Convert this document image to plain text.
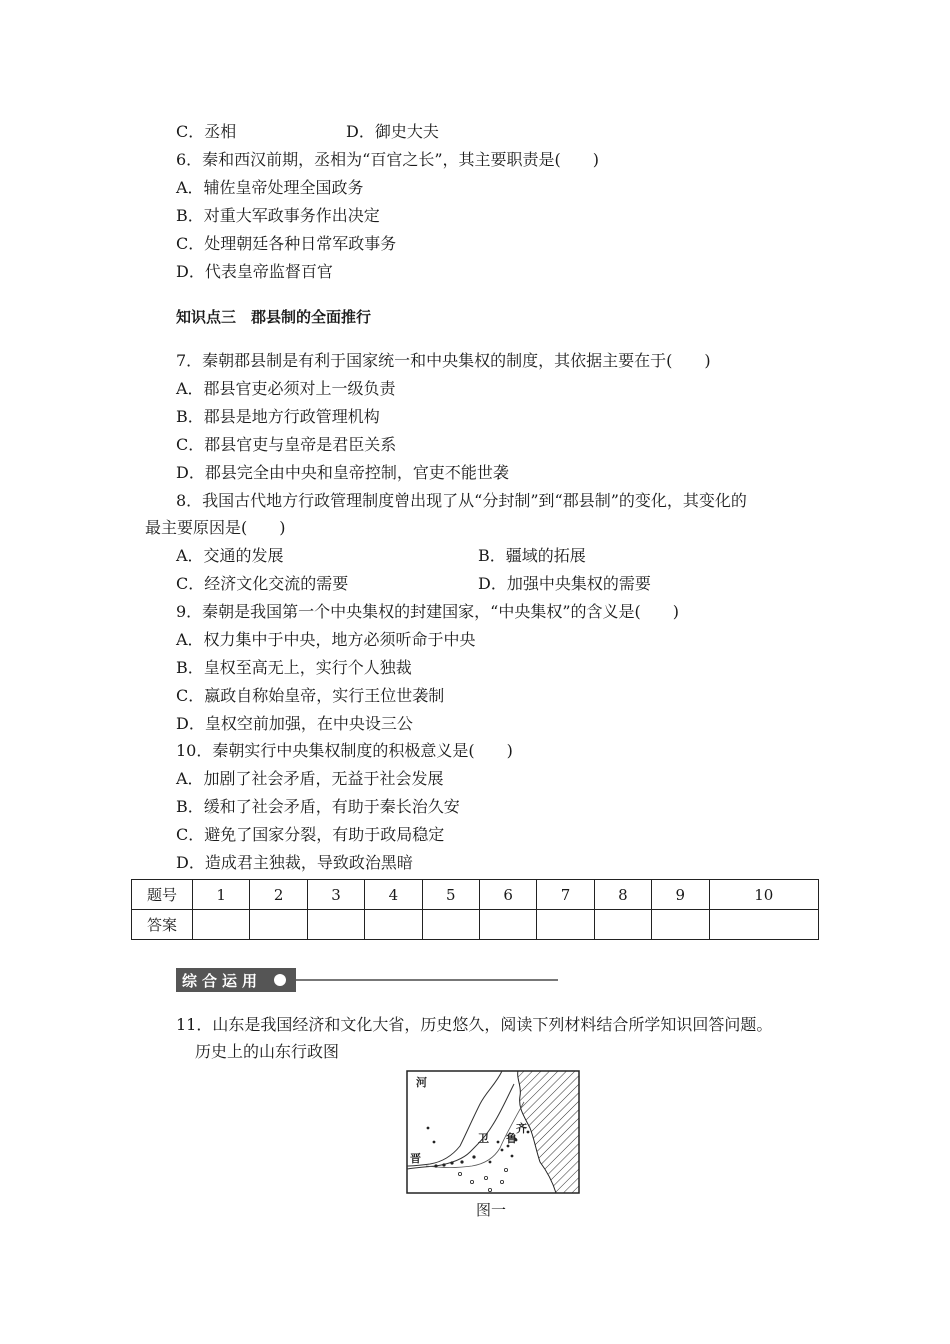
C．丞相	D．御史大夫
6．秦和西汉前期，丞相为“百官之长”，其主要职责是(　　)
A．辅佐皇帝处理全国政务
B．对重大军政事务作出决定
C．处理朝廷各种日常军政事务
D．代表皇帝监督百官
知识点三　郡县制的全面推行
7．秦朝郡县制是有利于国家统一和中央集权的制度，其依据主要在于(　　)
A．郡县官吏必须对上一级负责
B．郡县是地方行政管理机构
C．郡县官吏与皇帝是君臣关系
D．郡县完全由中央和皇帝控制，官吏不能世袭
8．我国古代地方行政管理制度曾出现了从“分封制”到“郡县制”的变化，其变化的
最主要原因是(　　)
A．交通的发展	B．疆域的拓展
C．经济文化交流的需要	D．加强中央集权的需要
9．秦朝是我国第一个中央集权的封建国家，“中央集权”的含义是(　　)
A．权力集中于中央，地方必须听命于中央
B．皇权至高无上，实行个人独裁
C．嬴政自称始皇帝，实行王位世袭制
D．皇权空前加强，在中央设三公
10．秦朝实行中央集权制度的积极意义是(　　)
A．加剧了社会矛盾，无益于社会发展
B．缓和了社会矛盾，有助于秦长治久安
C．避免了国家分裂，有助于政局稳定
D．造成君主独裁，导致政治黑暗
题号	1	2	3	4	5	6	7	8	9	10
答案										
综合运用
11．山东是我国经济和文化大省，历史悠久，阅读下列材料结合所学知识回答问题。
历史上的山东行政图
河
卫
齐
鲁
晋
图一
